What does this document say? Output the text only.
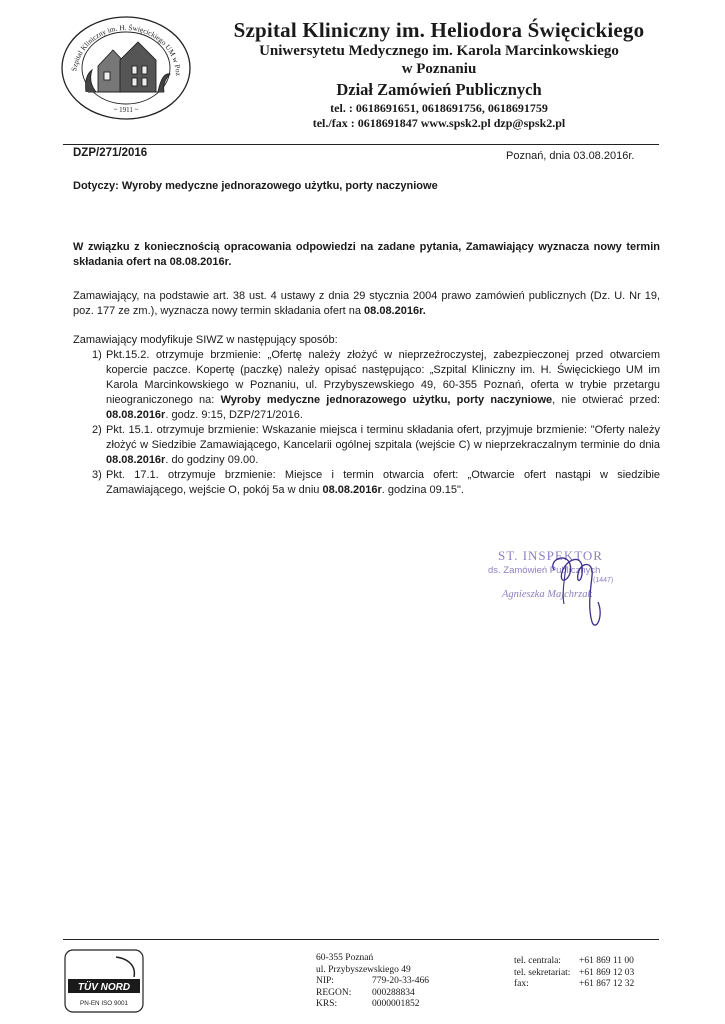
Szpital Kliniczny im. H. Święcickiego UM w Poz
~ 1911 ~
Szpital Kliniczny im. Heliodora Święcickiego
Uniwersytetu Medycznego im. Karola Marcinkowskiego
w Poznaniu
Dział Zamówień Publicznych
tel. : 0618691651, 0618691756, 0618691759
tel./fax : 0618691847 www.spsk2.pl dzp@spsk2.pl
DZP/271/2016	Poznań, dnia 03.08.2016r.
Dotyczy: Wyroby medyczne jednorazowego użytku, porty naczyniowe
W związku z koniecznością opracowania odpowiedzi na zadane pytania, Zamawiający wyznacza nowy termin składania ofert na 08.08.2016r.
Zamawiający, na podstawie art. 38 ust. 4 ustawy z dnia 29 stycznia 2004 prawo zamówień publicznych (Dz. U. Nr 19, poz. 177 ze zm.), wyznacza nowy termin składania ofert na 08.08.2016r.
Zamawiający modyfikuje SIWZ w następujący sposób:
1) Pkt.15.2. otrzymuje brzmienie: „Ofertę należy złożyć w nieprzeźroczystej, zabezpieczonej przed otwarciem kopercie paczce. Kopertę (paczkę) należy opisać następująco: „Szpital Kliniczny im. H. Święcickiego UM im Karola Marcinkowskiego w Poznaniu, ul. Przybyszewskiego 49, 60-355 Poznań, oferta w trybie przetargu nieograniczonego na: Wyroby medyczne jednorazowego użytku, porty naczyniowe, nie otwierać przed: 08.08.2016r. godz. 9:15, DZP/271/2016.
2) Pkt. 15.1. otrzymuje brzmienie: Wskazanie miejsca i terminu składania ofert, przyjmuje brzmienie: "Oferty należy złożyć w Siedzibie Zamawiającego, Kancelarii ogólnej szpitala (wejście C) w nieprzekraczalnym terminie do dnia 08.08.2016r. do godziny 09.00.
3) Pkt. 17.1. otrzymuje brzmienie: Miejsce i termin otwarcia ofert: „Otwarcie ofert nastąpi w siedzibie Zamawiającego, wejście O, pokój 5a w dniu 08.08.2016r. godzina 09.15".
ST. INSPEKTOR
ds. Zamówień Publicznych
(1447)
Agnieszka Majchrzak
TÜV NORD
PN-EN ISO 9001
60-355 Poznań
ul. Przybyszewskiego 49
NIP:	779-20-33-466
REGON:	000288834
KRS:	0000001852
tel. centrala:	+61 869 11 00
tel. sekretariat: +61 869 12 03
fax:	+61 867 12 32
